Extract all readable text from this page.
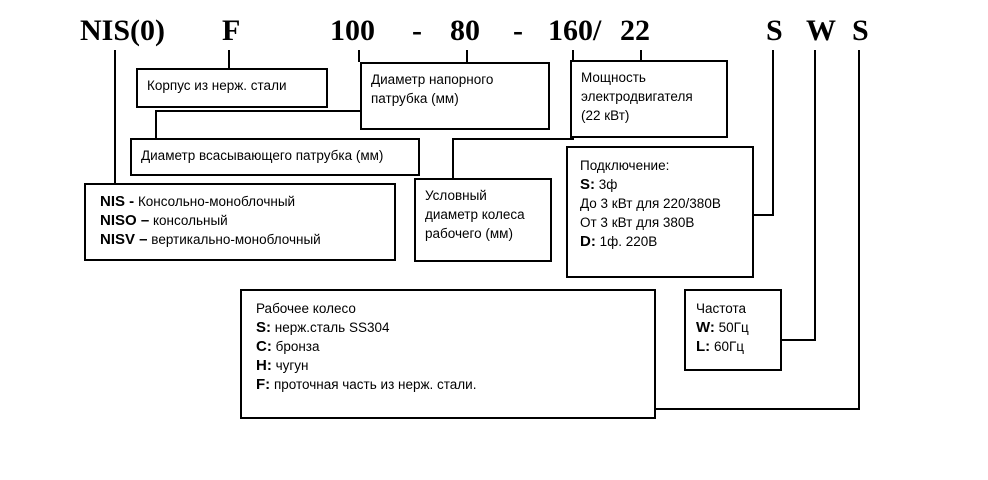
NIS(0) F	100 - 80 - 160/ 22	S W S
Корпус из нерж. стали	Диаметр напорного
патрубка (мм)
Мощность
электродвигателя
(22 кВт)
Диаметр всасывающего патрубка (мм)
NIS - Консольно-моноблочный
NISO – консольный
NISV – вертикально-моноблочный
Условный
диаметр колеса
рабочего (мм)
Подключение:
S: 3ф
До 3 кВт для 220/380В
От 3 кВт для 380В
D: 1ф. 220В
Рабочее колесо
S: нерж.сталь SS304
C: бронза
H: чугун
F: проточная часть из нерж. стали.
Частота
W: 50Гц
L: 60Гц
